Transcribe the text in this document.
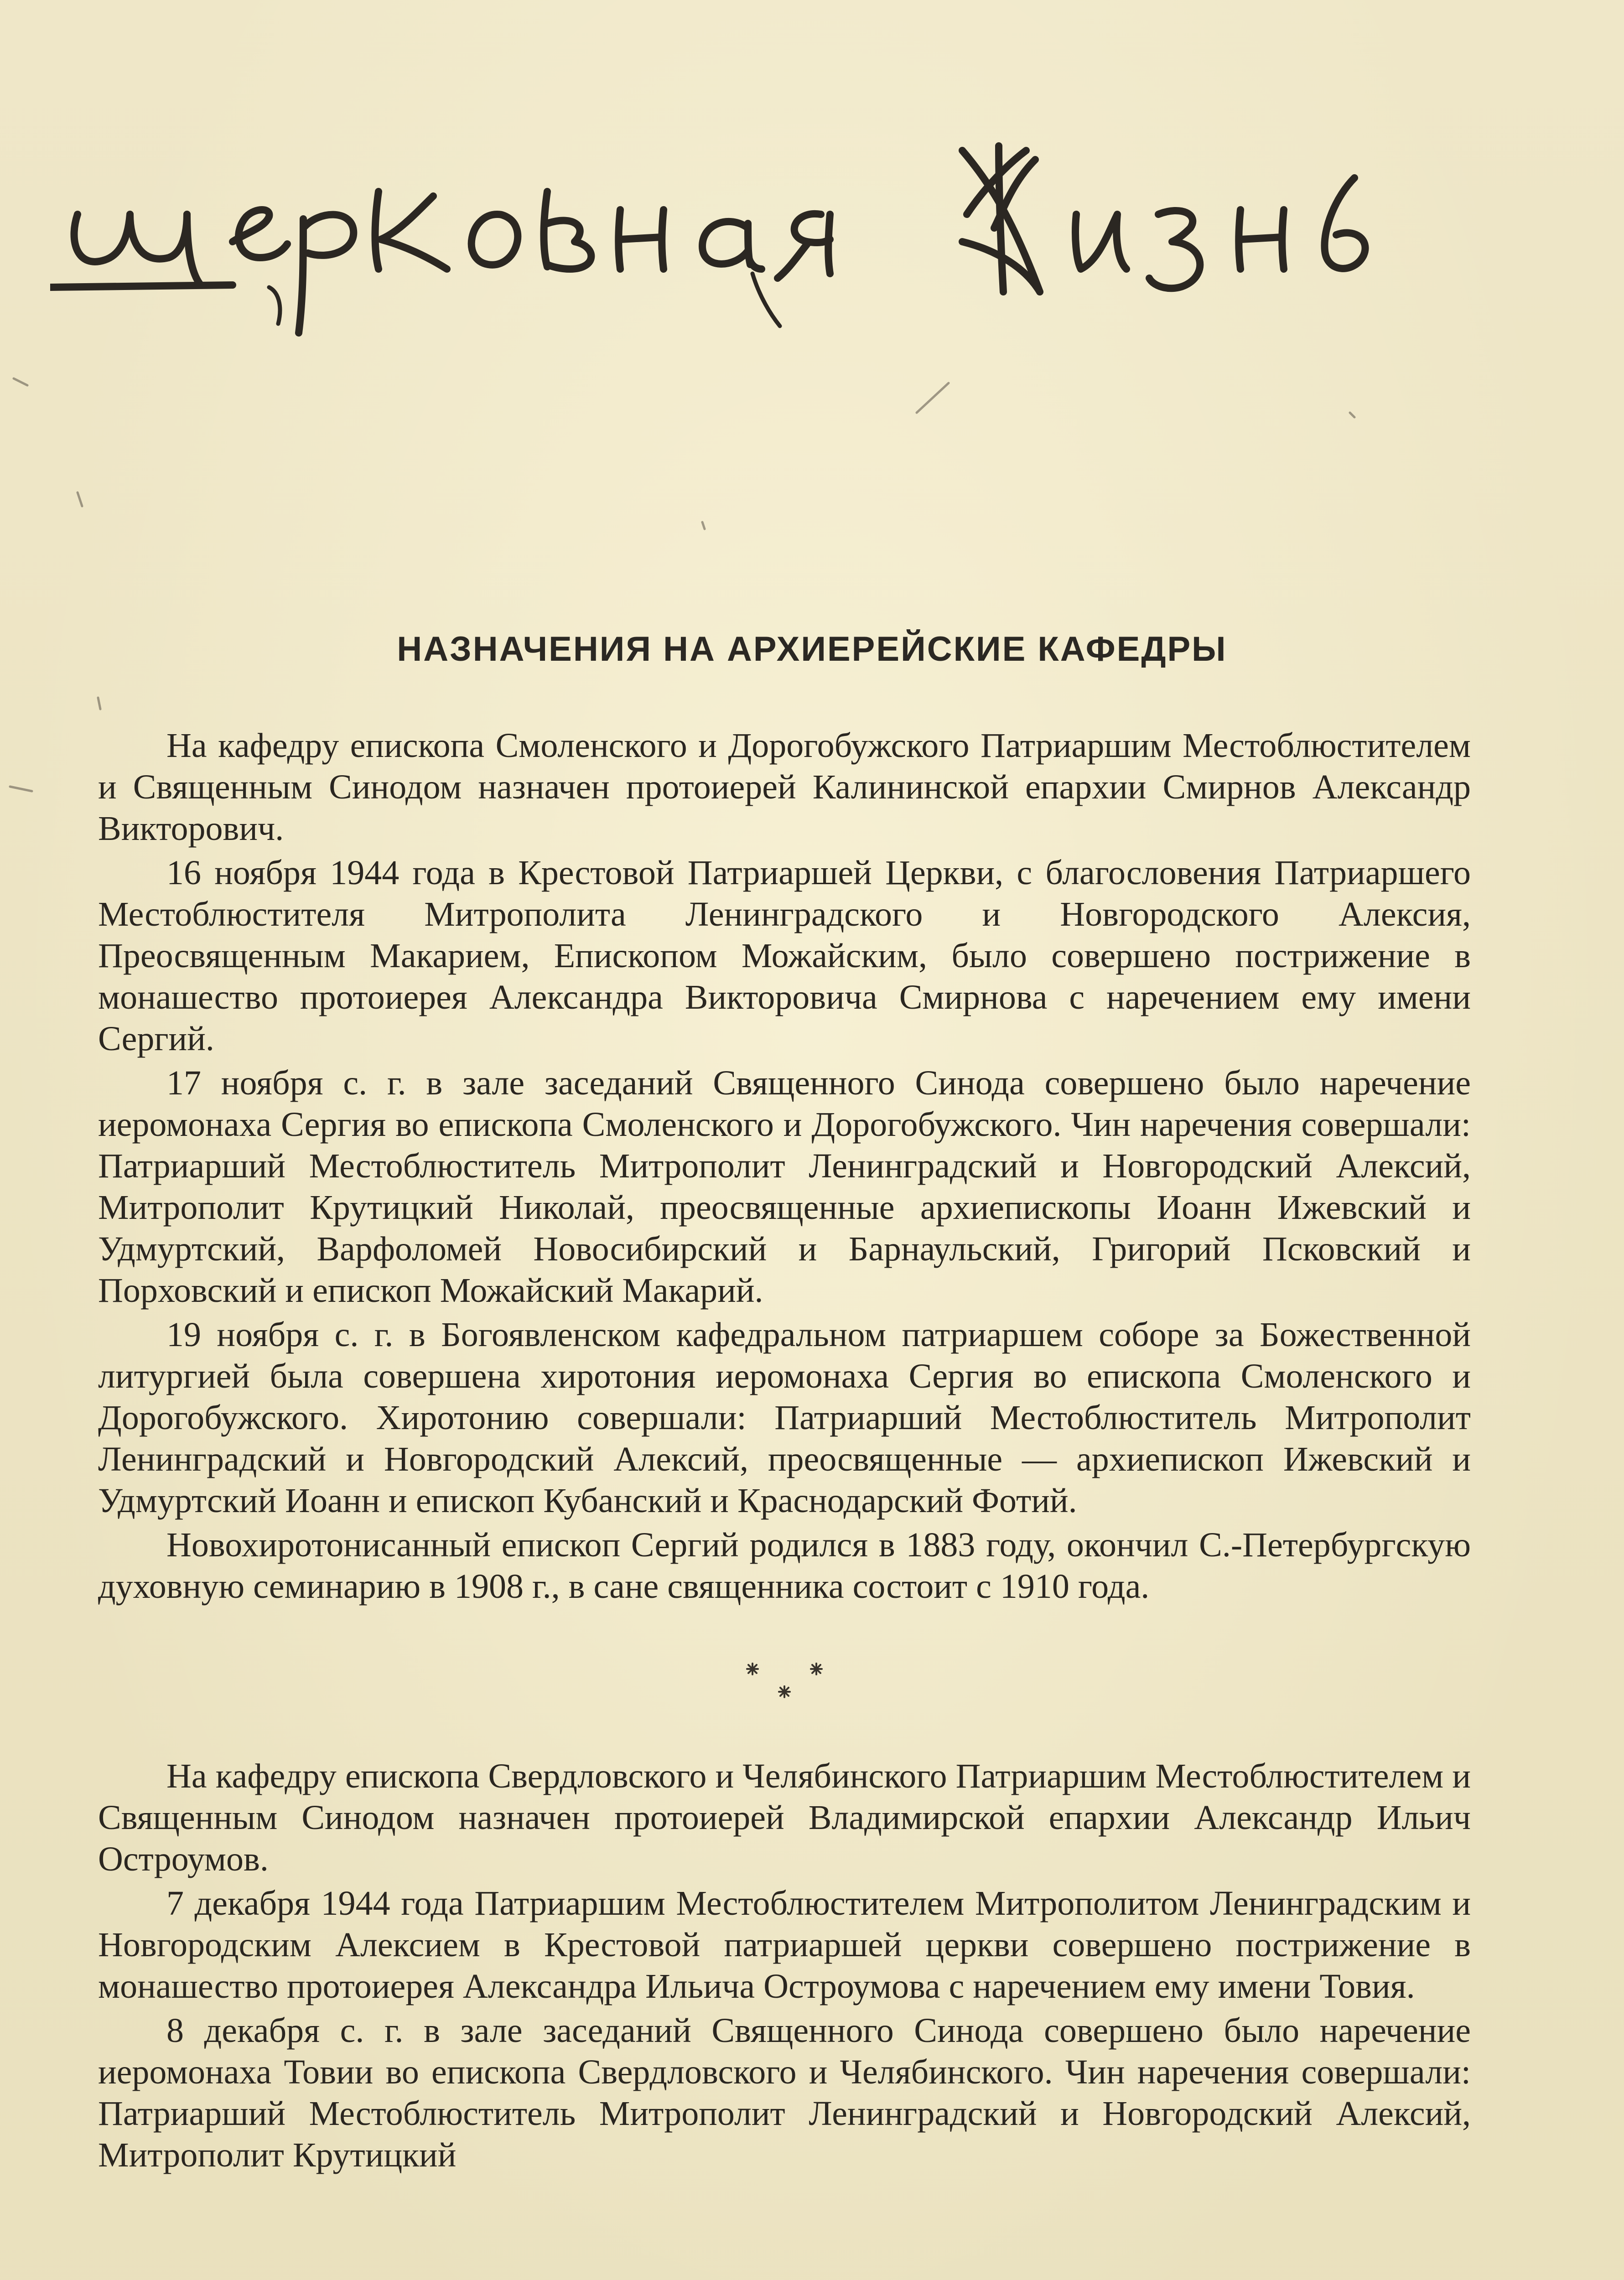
НАЗНАЧЕНИЯ НА АРХИЕРЕЙСКИЕ КАФЕДРЫ

На кафедру епископа Смоленского и Дорогобужского Патриаршим Местоблюстителем и Священным Синодом назначен протоиерей Калининской епархии Смирнов Александр Викторович.

16 ноября 1944 года в Крестовой Патриаршей Церкви, с благословения Патриаршего Местоблюстителя Митрополита Ленинградского и Новгородского Алексия, Преосвященным Макарием, Епископом Можайским, было совершено пострижение в монашество протоиерея Александра Викторовича Смирнова с наречением ему имени Сергий.

17 ноября с. г. в зале заседаний Священного Синода совершено было наречение иеромонаха Сергия во епископа Смоленского и Дорогобужского. Чин наречения совершали: Патриарший Местоблюститель Митрополит Ленинградский и Новгородский Алексий, Митрополит Крутицкий Николай, преосвященные архиепископы Иоанн Ижевский и Удмуртский, Варфоломей Новосибирский и Барнаульский, Григорий Псковский и Порховский и епископ Можайский Макарий.

19 ноября с. г. в Богоявленском кафедральном патриаршем соборе за Божественной литургией была совершена хиротония иеромонаха Сергия во епископа Смоленского и Дорогобужского. Хиротонию совершали: Патриарший Местоблюститель Митрополит Ленинградский и Новгородский Алексий, преосвященные — архиепископ Ижевский и Удмуртский Иоанн и епископ Кубанский и Краснодарский Фотий.

Новохиротонисанный епископ Сергий родился в 1883 году, окончил С.-Петербургскую духовную семинарию в 1908 г., в сане священника состоит с 1910 года.

На кафедру епископа Свердловского и Челябинского Патриаршим Местоблюстителем и Священным Синодом назначен протоиерей Владимирской епархии Александр Ильич Остроумов.

7 декабря 1944 года Патриаршим Местоблюстителем Митрополитом Ленинградским и Новгородским Алексием в Крестовой патриаршей церкви совершено пострижение в монашество протоиерея Александра Ильича Остроумова с наречением ему имени Товия.

8 декабря с. г. в зале заседаний Священного Синода совершено было наречение иеромонаха Товии во епископа Свердловского и Челябинского. Чин наречения совершали: Патриарший Местоблюститель Митрополит Ленинградский и Новгородский Алексий, Митрополит Крутицкий
